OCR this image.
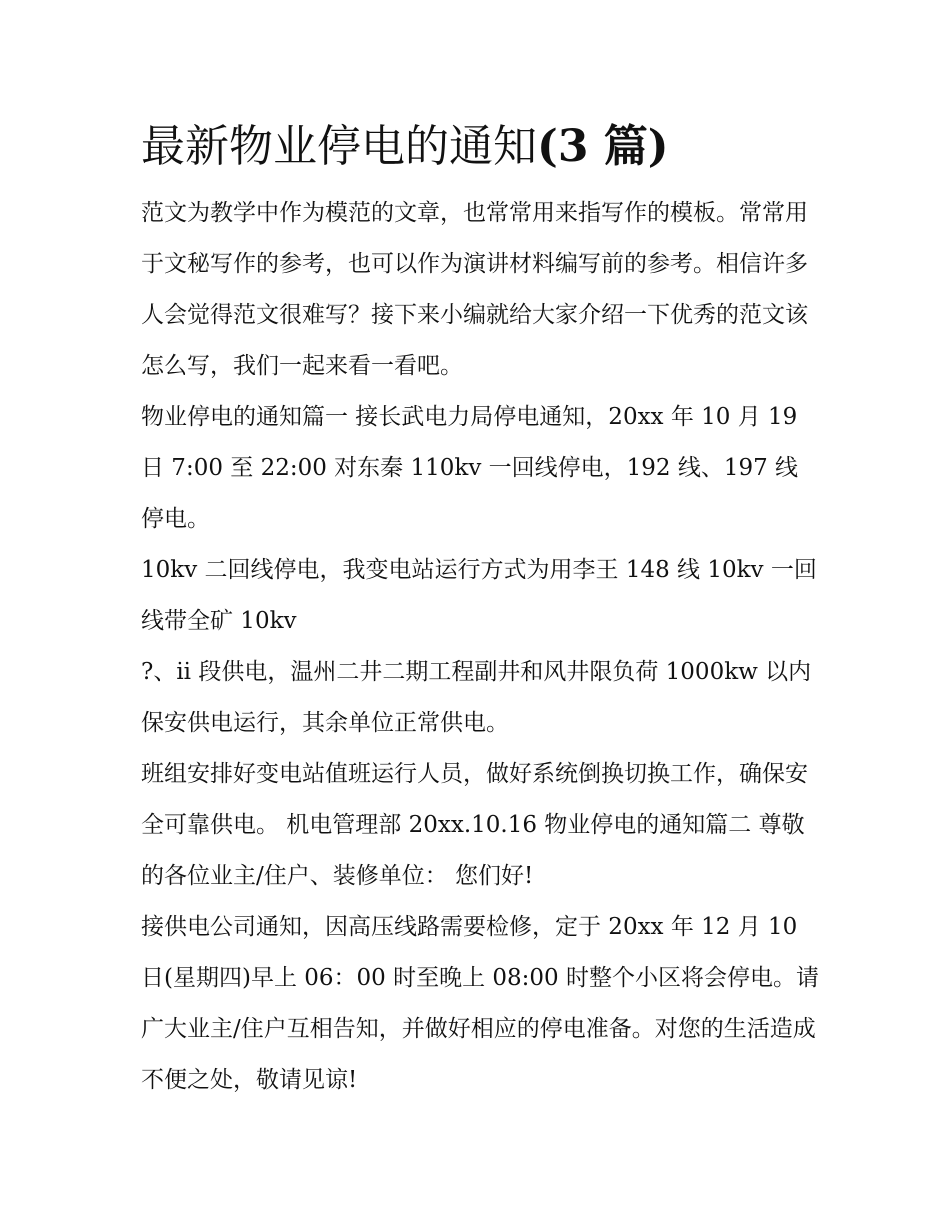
最新物业停电的通知(3 篇)

范文为教学中作为模范的文章，也常常用来指写作的模板。常常用于文秘写作的参考，也可以作为演讲材料编写前的参考。相信许多人会觉得范文很难写？接下来小编就给大家介绍一下优秀的范文该怎么写，我们一起来看一看吧。

物业停电的通知篇一 接长武电力局停电通知，20xx 年 10 月 19 日 7:00 至 22:00 对东秦 110kv 一回线停电，192 线、197 线停电。

10kv 二回线停电，我变电站运行方式为用李王 148 线 10kv 一回线带全矿 10kv

?、ii 段供电，温州二井二期工程副井和风井限负荷 1000kw 以内保安供电运行，其余单位正常供电。

班组安排好变电站值班运行人员，做好系统倒换切换工作，确保安全可靠供电。 机电管理部 20xx.10.16 物业停电的通知篇二 尊敬的各位业主/住户、装修单位： 您们好!

接供电公司通知，因高压线路需要检修，定于 20xx 年 12 月 10 日(星期四)早上 06：00 时至晚上 08:00 时整个小区将会停电。请广大业主/住户互相告知，并做好相应的停电准备。对您的生活造成不便之处，敬请见谅!
